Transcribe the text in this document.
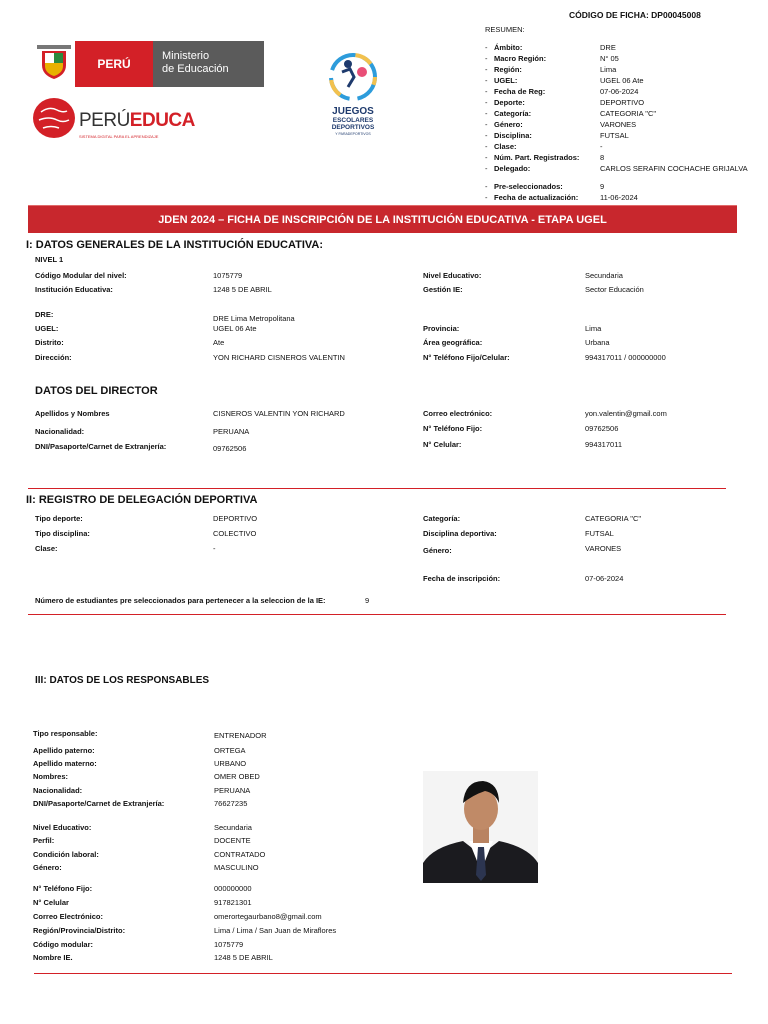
CÓDIGO DE FICHA: DP00045008
RESUMEN:
- Ámbito:	DRE
- Macro Región:	N° 05
- Región:	Lima
- UGEL:	UGEL 06 Ate
- Fecha de Reg:	07-06-2024
- Deporte:	DEPORTIVO
- Categoría:	CATEGORIA "C"
- Género:	VARONES
- Disciplina:	FUTSAL
- Clase:	-
- Núm. Part. Registrados:	8
- Delegado:	CARLOS SERAFIN COCHACHE GRIJALVA
- Pre-seleccionados:	9
- Fecha de actualización:	11-06-2024
PERÚ
Ministerio
de Educación
PERÚEDUCA
SISTEMA DIGITAL PARA EL APRENDIZAJE
JUEGOS
ESCOLARES
DEPORTIVOS
Y PARADEPORTIVOS
JDEN 2024 – FICHA DE INSCRIPCIÓN DE LA INSTITUCIÓN EDUCATIVA - ETAPA UGEL
I: DATOS GENERALES DE LA INSTITUCIÓN EDUCATIVA:
NIVEL 1
Código Modular del nivel:	1075779
Institución Educativa:	1248 5 DE ABRIL
DRE:	DRE Lima Metropolitana
UGEL:	UGEL 06 Ate
Distrito:	Ate
Dirección:	YON RICHARD CISNEROS VALENTIN
Nivel Educativo:	Secundaria
Gestión IE:	Sector Educación
Provincia:	Lima
Área geográfica:	Urbana
N° Teléfono Fijo/Celular:	994317011 / 000000000
DATOS DEL DIRECTOR
Apellidos y Nombres	CISNEROS VALENTIN YON RICHARD
Nacionalidad:	PERUANA
DNI/Pasaporte/Carnet de Extranjería:	09762506
Correo electrónico:	yon.valentin@gmail.com
N° Teléfono Fijo:	09762506
N° Celular:	994317011
II: REGISTRO DE DELEGACIÓN DEPORTIVA
Tipo deporte:	DEPORTIVO
Tipo disciplina:	COLECTIVO
Clase:	-
Categoría:	CATEGORIA "C"
Disciplina deportiva:	FUTSAL
Género:	VARONES
Fecha de inscripción:	07-06-2024
Número de estudiantes pre seleccionados para pertenecer a la seleccion de la IE:	9
III: DATOS DE LOS RESPONSABLES
Tipo responsable:	ENTRENADOR
Apellido paterno:	ORTEGA
Apellido materno:	URBANO
Nombres:	OMER OBED
Nacionalidad:	PERUANA
DNI/Pasaporte/Carnet de Extranjería:	76627235
Nivel Educativo:	Secundaria
Perfil:	DOCENTE
Condición laboral:	CONTRATADO
Género:	MASCULINO
N° Teléfono Fijo:	000000000
N° Celular	917821301
Correo Electrónico:	omerortegaurbano8@gmail.com
Región/Provincia/Distrito:	Lima / Lima / San Juan de Miraflores
Código modular:	1075779
Nombre IE.	1248 5 DE ABRIL
